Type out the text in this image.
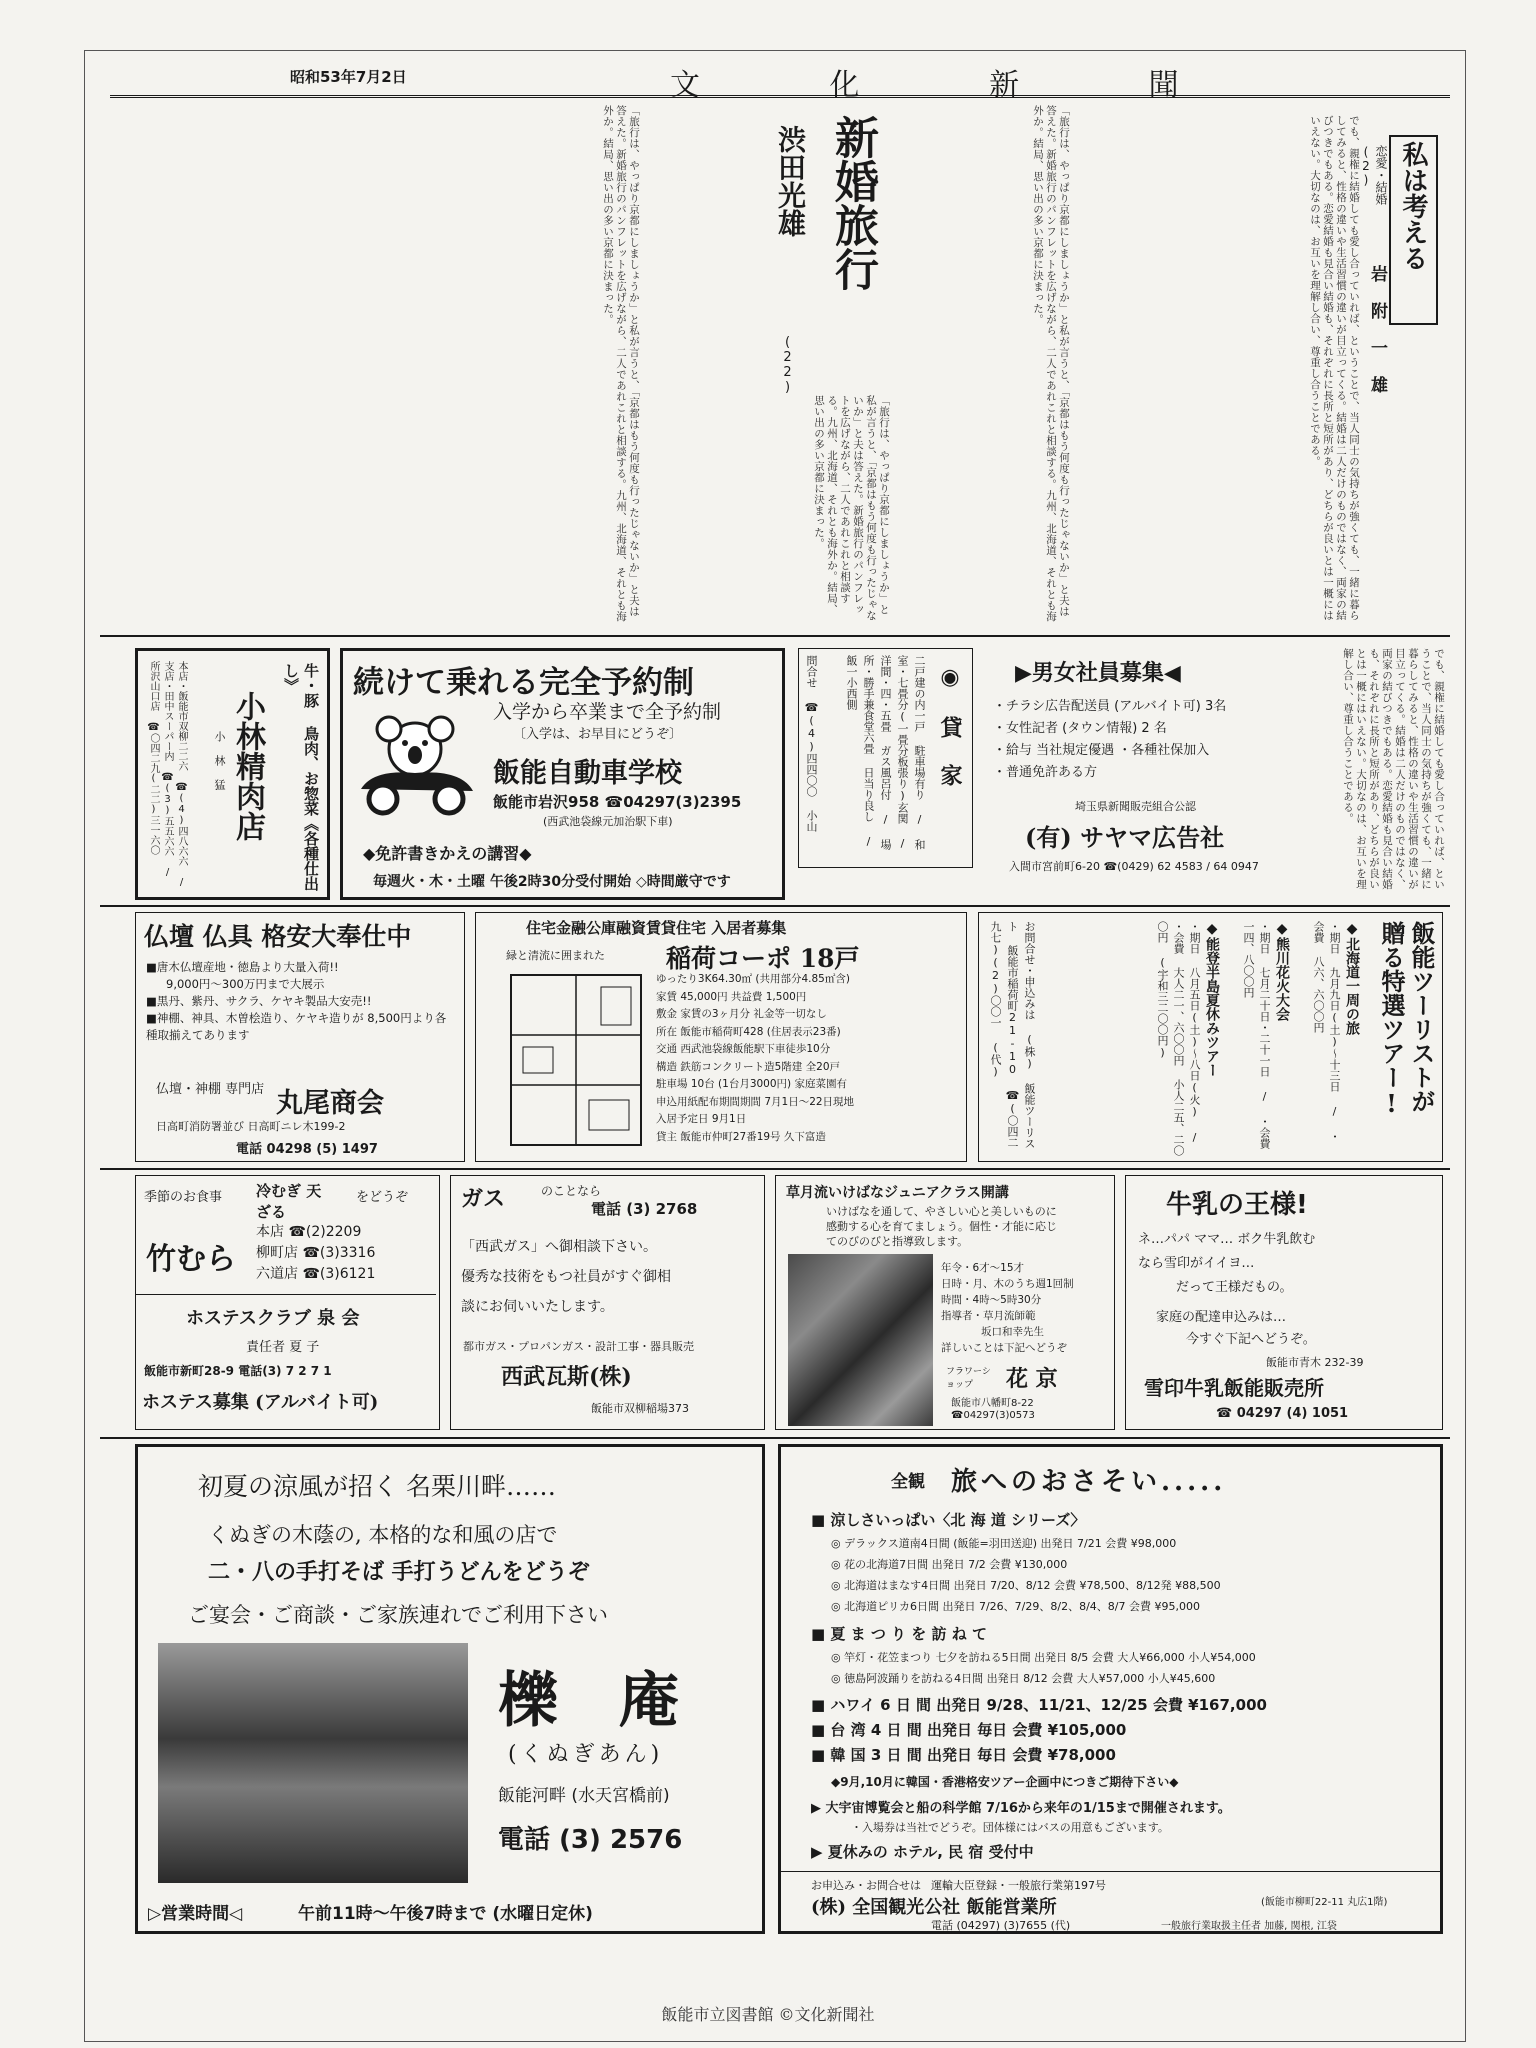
昭和53年7月2日	文 化 新 聞
私は考える
恋愛・結婚 (2)
岩 附 一 雄
でも、親権に結婚しても愛し合っていれば、ということで、当人同士の気持ちが強くても、一緒に暮らしてみると、性格の違いや生活習慣の違いが目立ってくる。結婚は二人だけのものではなく、両家の結びつきでもある。恋愛結婚も見合い結婚も、それぞれに長所と短所があり、どちらが良いとは一概にはいえない。大切なのは、お互いを理解し合い、尊重し合うことである。
新婚旅行
(22)
渋田光雄	「旅行は、やっぱり京都にしましょうか」と私が言うと、「京都はもう何度も行ったじゃないか」と夫は答えた。新婚旅行のパンフレットを広げながら、二人であれこれと相談する。九州、北海道、それとも海外か。結局、思い出の多い京都に決まった。
「旅行は、やっぱり京都にしましょうか」と私が言うと、「京都はもう何度も行ったじゃないか」と夫は答えた。新婚旅行のパンフレットを広げながら、二人であれこれと相談する。九州、北海道、それとも海外か。結局、思い出の多い京都に決まった。
「旅行は、やっぱり京都にしましょうか」と私が言うと、「京都はもう何度も行ったじゃないか」と夫は答えた。新婚旅行のパンフレットを広げながら、二人であれこれと相談する。九州、北海道、それとも海外か。結局、思い出の多い京都に決まった。
牛・豚 鳥肉、お惣菜《各種仕出し》
小林精肉店
小 林 猛
本店・飯能市双柳二二六 ☎(4)四八六六 / 支店・田中スーパー内 ☎(3)五五六六 / 所沢山口店 ☎〇四二九(二二)三一六〇	続けて乗れる完全予約制
入学から卒業まで全予約制
〔入学は、お早目にどうぞ〕
飯能自動車学校
飯能市岩沢958 ☎04297(3)2395
(西武池袋線元加治駅下車)
◆免許書きかえの講習◆
毎週火・木・土曜 午後2時30分受付開始 ◇時間厳守です
◉ 貸 家
二戸建の内一戸 駐車場有り / 和室・七畳分(一畳分板張り)玄関 / 洋間・四・五畳 ガス風呂付 / 場所・勝手兼食堂六畳 日当り良し / 飯一小西側
問合せ ☎(4)四四〇〇 小山	▶男女社員募集◀
・チラシ広告配送員 (アルバイト可) 3名
・女性記者 (タウン情報) 2 名
・給与 当社規定優遇 ・各種社保加入
・普通免許ある方
埼玉県新聞販売組合公認
(有) サヤマ広告社
入間市宮前町6-20 ☎(0429) 62 4583 / 64 0947	でも、親権に結婚しても愛し合っていれば、ということで、当人同士の気持ちが強くても、一緒に暮らしてみると、性格の違いや生活習慣の違いが目立ってくる。結婚は二人だけのものではなく、両家の結びつきでもある。恋愛結婚も見合い結婚も、それぞれに長所と短所があり、どちらが良いとは一概にはいえない。大切なのは、お互いを理解し合い、尊重し合うことである。
仏壇 仏具 格安大奉仕中
■唐木仏壇産地・徳島より大量入荷!!
9,000円〜300万円まで大展示
■黒丹、紫丹、サクラ、ケヤキ製品大安売!!
■神棚、神具、木曽桧造り、ケヤキ造りが 8,500円より各種取揃えてあります
仏壇・神棚 専門店 丸尾商会
日高町消防署並び 日高町ニレ木199-2
電話 04298 (5) 1497
住宅金融公庫融資賃貸住宅 入居者募集
緑と清流に囲まれた 稲荷コーポ 18戸
ゆったり3K64.30㎡ (共用部分4.85㎡含)
家賃 45,000円 共益費 1,500円
敷金 家賃の3ヶ月分 礼金等一切なし
所在 飯能市稲荷町428 (住居表示23番)
交通 西武池袋線飯能駅下車徒歩10分
構造 鉄筋コンクリート造5階建 全20戸
駐車場 10台 (1台月3000円) 家庭菜園有
申込用紙配布期間期間 7月1日〜22日現地
入居予定日 9月1日
貸主 飯能市仲町27番19号 久下富造
飯能ツーリストが 贈る特選ツアー!
◆北海道一周の旅
・期日 九月九日(土)〜十三日 / ・会費 八六、六〇〇円
◆熊川花火大会
・期日 七月二十日・二十一日 / ・会費 一四、八〇〇円
◆能登半島夏休みツアー
・期日 八月五日(土)〜八日(火) / ・会費 大人二一、六〇〇円 小人二五、二〇〇円 (宇和三二〇〇円)
お問合せ・申込みは (株) 飯能ツーリスト 飯能市稲荷町21-10 ☎(〇四二九七)(2)〇〇一 (代)
季節のお食事 冷むぎ 天ざる
をどうぞ
竹むら
本店 ☎(2)2209
柳町店 ☎(3)3316
六道店 ☎(3)6121
ホステスクラブ 泉 会
責任者 夏 子
飯能市新町28-9 電話(3) 7 2 7 1
ホステス募集 (アルバイト可)
ガス	のことなら
電話 (3) 2768
「西武ガス」へ御相談下さい。
優秀な技術をもつ社員がすぐ御相
談にお伺いいたします。
都市ガス・プロパンガス・設計工事・器具販売
西武瓦斯(株)
飯能市双柳稲場373
草月流いけばなジュニアクラス開講
いけばなを通して、やさしい心と美しいものに感動する心を育てましょう。個性・才能に応じてのびのびと指導致します。
年令・6才〜15才
日時・月、木のうち週1回制
時間・4時〜5時30分
指導者・草月流師範
坂口和幸先生
詳しいことは下記へどうぞ
フラワーショップ	花 京
飯能市八幡町8-22
☎04297(3)0573
牛乳の王様!
ネ…パパ ママ… ボク牛乳飲む
なら雪印がイイヨ…
だって王様だもの。
家庭の配達申込みは…
今すぐ下記へどうぞ。
飯能市青木 232-39
雪印牛乳飯能販売所
☎ 04297 (4) 1051
初夏の涼風が招く 名栗川畔……
くぬぎの木蔭の, 本格的な和風の店で
二・八の手打そば 手打うどんをどうぞ
ご宴会・ご商談・ご家族連れでご利用下さい
櫟 庵
(くぬぎあん)
飯能河畔 (水天宮橋前)
電話 (3) 2576
▷営業時間◁	午前11時〜午後7時まで (水曜日定休)
全観 旅へのおさそい.....
■ 涼しさいっぱい〈北 海 道 シリーズ〉
◎ デラックス道南4日間 (飯能=羽田送迎) 出発日 7/21 会費 ¥98,000
◎ 花の北海道7日間 出発日 7/2 会費 ¥130,000
◎ 北海道はまなす4日間 出発日 7/20、8/12 会費 ¥78,500、8/12発 ¥88,500
◎ 北海道ピリカ6日間 出発日 7/26、7/29、8/2、8/4、8/7 会費 ¥95,000
■ 夏 ま つ り を 訪 ね て
◎ 竿灯・花笠まつり 七夕を訪ねる5日間 出発日 8/5 会費 大人¥66,000 小人¥54,000
◎ 徳島阿波踊りを訪ねる4日間 出発日 8/12 会費 大人¥57,000 小人¥45,600
■ ハワイ 6 日 間 出発日 9/28、11/21、12/25 会費 ¥167,000
■ 台 湾 4 日 間 出発日 毎日 会費 ¥105,000
■ 韓 国 3 日 間 出発日 毎日 会費 ¥78,000
◆9月,10月に韓国・香港格安ツアー企画中につきご期待下さい◆
▶ 大宇宙博覧会と船の科学館 7/16から来年の1/15まで開催されます。
・入場券は当社でどうぞ。団体様にはバスの用意もございます。
▶ 夏休みの ホテル, 民 宿 受付中
お申込み・お問合せは 運輸大臣登録・一般旅行業第197号
(株) 全国観光公社 飯能営業所	(飯能市柳町22-11 丸広1階)
電話 (04297) (3)7655 (代)	一般旅行業取扱主任者 加藤, 関根, 江袋
飯能市立図書館 ©文化新聞社
